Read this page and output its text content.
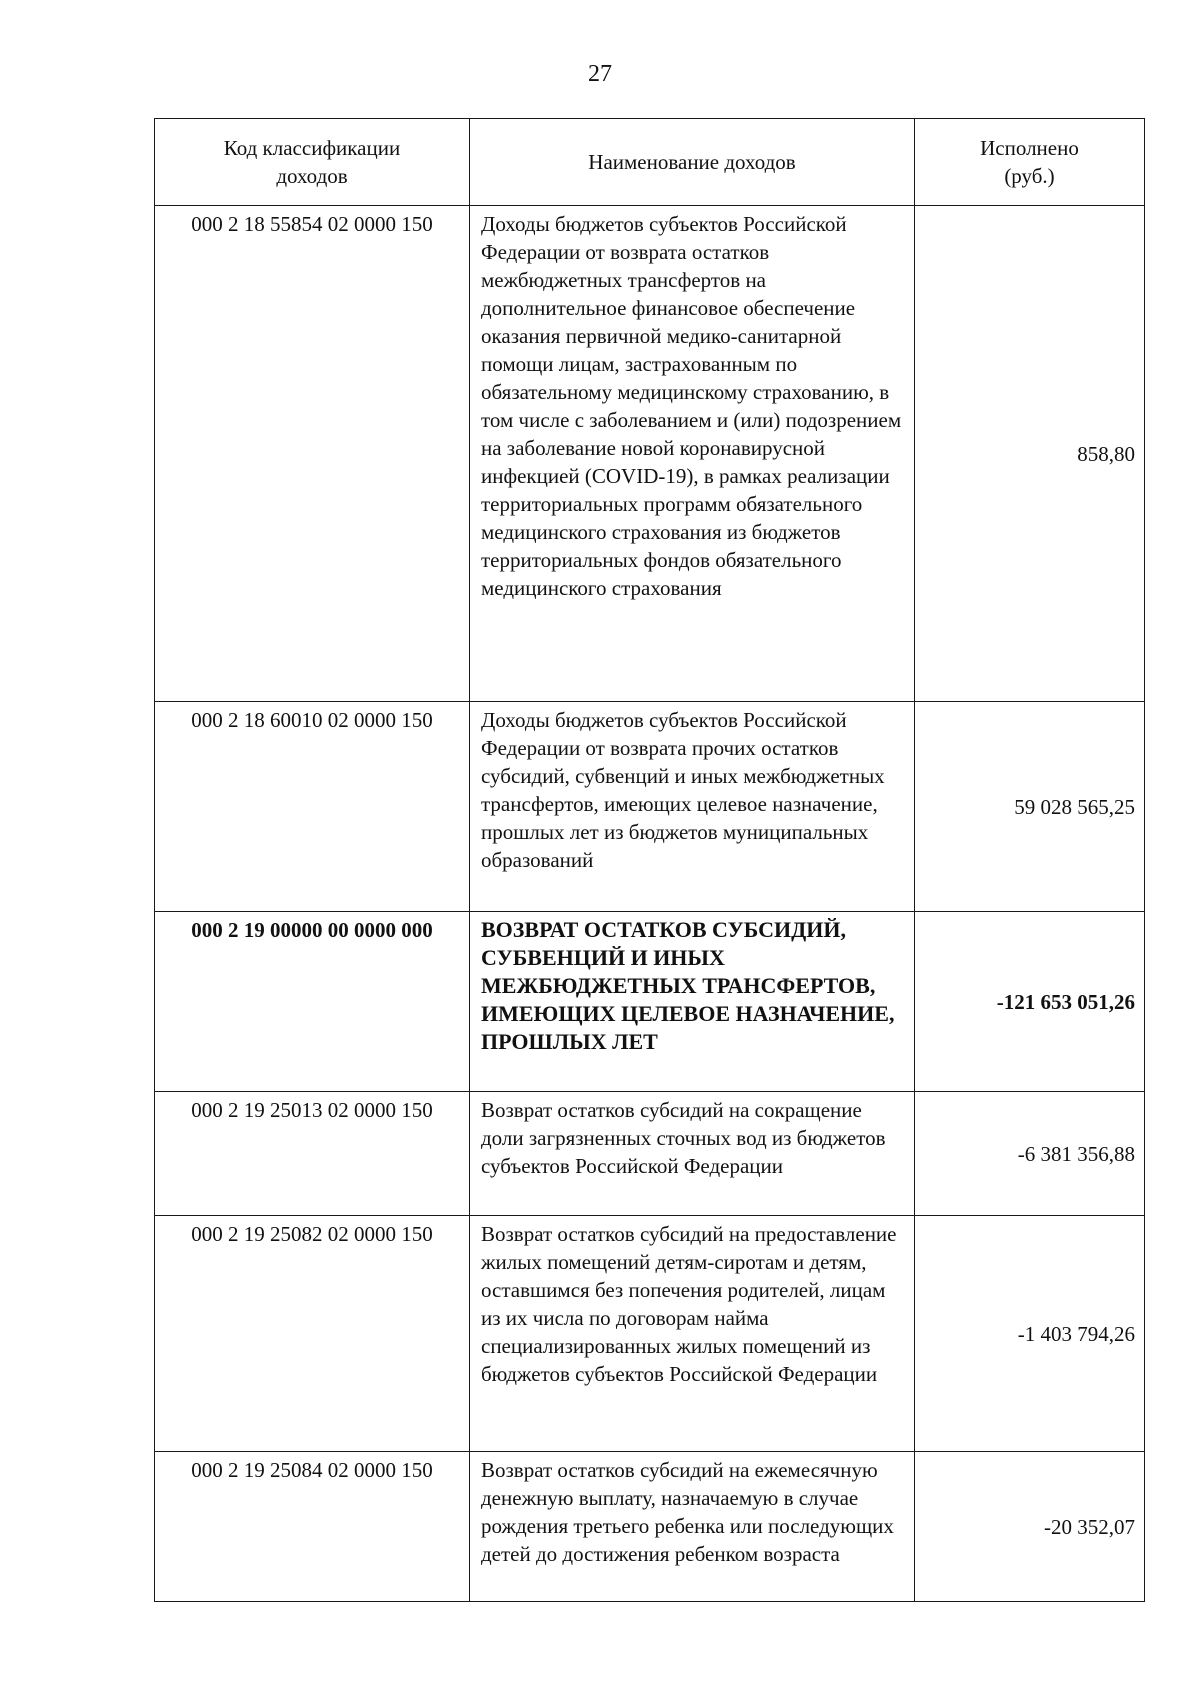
27
Код классификации доходов	Наименование доходов	Исполнено (руб.)
000 2 18 55854 02 0000 150	Доходы бюджетов субъектов Российской Федерации от возврата остатков межбюджетных трансфертов на дополнительное финансовое обеспечение оказания первичной медико-санитарной помощи лицам, застрахованным по обязательному медицинскому страхованию, в том числе с заболеванием и (или) подозрением на заболевание новой коронавирусной инфекцией (COVID-19), в рамках реализации территориальных программ обязательного медицинского страхования из бюджетов территориальных фондов обязательного медицинского страхования	858,80
000 2 18 60010 02 0000 150	Доходы бюджетов субъектов Российской Федерации от возврата прочих остатков субсидий, субвенций и иных межбюджетных трансфертов, имеющих целевое назначение, прошлых лет из бюджетов муниципальных образований	59 028 565,25
000 2 19 00000 00 0000 000	ВОЗВРАТ ОСТАТКОВ СУБСИДИЙ, СУБВЕНЦИЙ И ИНЫХ МЕЖБЮДЖЕТНЫХ ТРАНСФЕРТОВ, ИМЕЮЩИХ ЦЕЛЕВОЕ НАЗНАЧЕНИЕ, ПРОШЛЫХ ЛЕТ	-121 653 051,26
000 2 19 25013 02 0000 150	Возврат остатков субсидий на сокращение доли загрязненных сточных вод из бюджетов субъектов Российской Федерации	-6 381 356,88
000 2 19 25082 02 0000 150	Возврат остатков субсидий на предоставление жилых помещений детям-сиротам и детям, оставшимся без попечения родителей, лицам из их числа по договорам найма специализированных жилых помещений из бюджетов субъектов Российской Федерации	-1 403 794,26
000 2 19 25084 02 0000 150	Возврат остатков субсидий на ежемесячную денежную выплату, назначаемую в случае рождения третьего ребенка или последующих детей до достижения ребенком возраста	-20 352,07
